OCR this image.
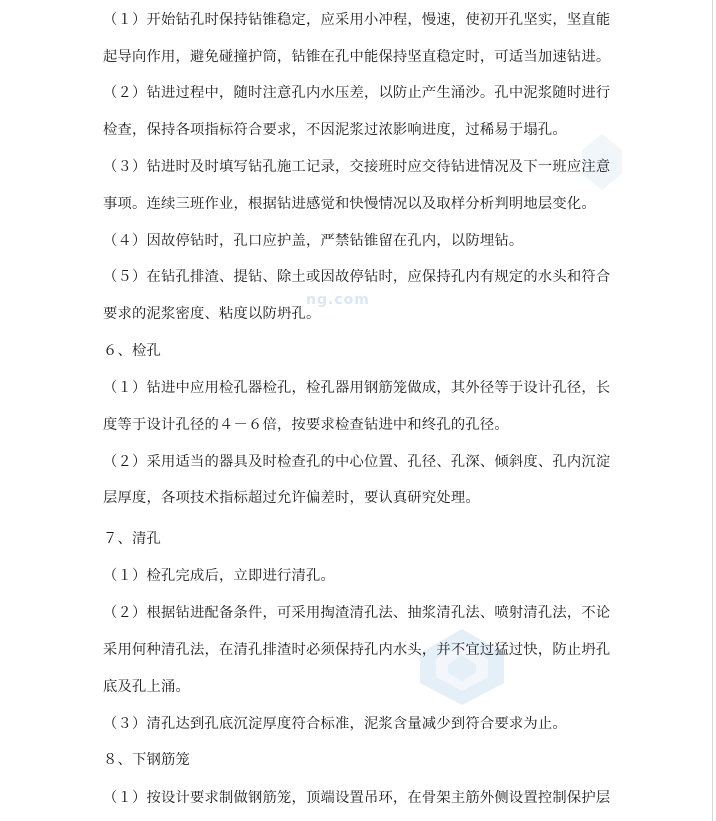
ng.com
（１）开始钻孔时保持钻锥稳定，应采用小冲程，慢速，使初开孔坚实，坚直能
起导向作用，避免碰撞护筒，钻锥在孔中能保持坚直稳定时，可适当加速钻进。
（２）钻进过程中，随时注意孔内水压差，以防止产生涌沙。孔中泥浆随时进行
检查，保持各项指标符合要求，不因泥浆过浓影响进度，过稀易于塌孔。
（３）钻进时及时填写钻孔施工记录，交接班时应交待钻进情况及下一班应注意
事项。连续三班作业，根据钻进感觉和快慢情况以及取样分析判明地层变化。
（４）因故停钻时，孔口应护盖，严禁钻锥留在孔内，以防埋钻。
（５）在钻孔排渣、提钻、除土或因故停钻时，应保持孔内有规定的水头和符合
要求的泥浆密度、粘度以防坍孔。
６、检孔
（１）钻进中应用检孔器检孔，检孔器用钢筋笼做成，其外径等于设计孔径，长
度等于设计孔径的４－６倍，按要求检查钻进中和终孔的孔径。
（２）采用适当的器具及时检查孔的中心位置、孔径、孔深、倾斜度、孔内沉淀
层厚度，各项技术指标超过允许偏差时，要认真研究处理。
７、清孔
（１）检孔完成后，立即进行清孔。
（２）根据钻进配备条件，可采用掏渣清孔法、抽浆清孔法、喷射清孔法，不论
采用何种清孔法，在清孔排渣时必须保持孔内水头，并不宜过猛过快，防止坍孔
底及孔上涌。
（３）清孔达到孔底沉淀厚度符合标准，泥浆含量减少到符合要求为止。
８、下钢筋笼
（１）按设计要求制做钢筋笼，顶端设置吊环，在骨架主筋外侧设置控制保护层
